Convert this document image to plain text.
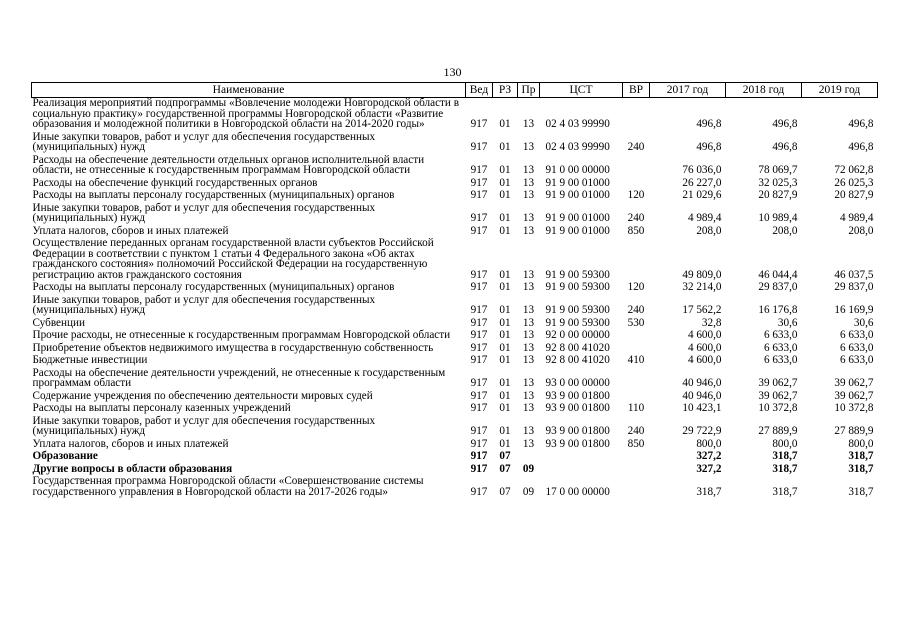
130
Наименование	Вед	РЗ	Пр	ЦСТ	ВР	2017 год	2018 год	2019 год
Реализация мероприятий подпрограммы «Вовлечение молодежи Новгородской области в социальную практику» государственной программы Новгородской области «Развитие образования и молодежной политики в Новгородской области на 2014-2020 годы»	917	01	13	02 4 03 99990		496,8	496,8	496,8
Иные закупки товаров, работ и услуг для обеспечения государственных (муниципальных) нужд	917	01	13	02 4 03 99990	240	496,8	496,8	496,8
Расходы на обеспечение деятельности отдельных органов исполнительной власти области, не отнесенные к государственным программам Новгородской области	917	01	13	91 0 00 00000		76 036,0	78 069,7	72 062,8
Расходы на обеспечение функций государственных органов	917	01	13	91 9 00 01000		26 227,0	32 025,3	26 025,3
Расходы на выплаты персоналу государственных (муниципальных) органов	917	01	13	91 9 00 01000	120	21 029,6	20 827,9	20 827,9
Иные закупки товаров, работ и услуг для обеспечения государственных (муниципальных) нужд	917	01	13	91 9 00 01000	240	4 989,4	10 989,4	4 989,4
Уплата налогов, сборов и иных платежей	917	01	13	91 9 00 01000	850	208,0	208,0	208,0
Осуществление переданных органам государственной власти субъектов Российской Федерации в соответствии с пунктом 1 статьи 4 Федерального закона «Об актах гражданского состояния» полномочий Российской Федерации на государственную регистрацию актов гражданского состояния	917	01	13	91 9 00 59300		49 809,0	46 044,4	46 037,5
Расходы на выплаты персоналу государственных (муниципальных) органов	917	01	13	91 9 00 59300	120	32 214,0	29 837,0	29 837,0
Иные закупки товаров, работ и услуг для обеспечения государственных (муниципальных) нужд	917	01	13	91 9 00 59300	240	17 562,2	16 176,8	16 169,9
Субвенции	917	01	13	91 9 00 59300	530	32,8	30,6	30,6
Прочие расходы, не отнесенные к государственным программам Новгородской области	917	01	13	92 0 00 00000		4 600,0	6 633,0	6 633,0
Приобретение объектов недвижимого имущества в государственную собственность	917	01	13	92 8 00 41020		4 600,0	6 633,0	6 633,0
Бюджетные инвестиции	917	01	13	92 8 00 41020	410	4 600,0	6 633,0	6 633,0
Расходы на обеспечение деятельности учреждений, не отнесенные к государственным программам области	917	01	13	93 0 00 00000		40 946,0	39 062,7	39 062,7
Содержание учреждения по обеспечению деятельности мировых судей	917	01	13	93 9 00 01800		40 946,0	39 062,7	39 062,7
Расходы на выплаты персоналу казенных учреждений	917	01	13	93 9 00 01800	110	10 423,1	10 372,8	10 372,8
Иные закупки товаров, работ и услуг для обеспечения государственных (муниципальных) нужд	917	01	13	93 9 00 01800	240	29 722,9	27 889,9	27 889,9
Уплата налогов, сборов и иных платежей	917	01	13	93 9 00 01800	850	800,0	800,0	800,0
Образование	917	07				327,2	318,7	318,7
Другие вопросы в области образования	917	07	09			327,2	318,7	318,7
Государственная программа Новгородской области «Совершенствование системы государственного управления в Новгородской области на 2017-2026 годы»	917	07	09	17 0 00 00000		318,7	318,7	318,7
